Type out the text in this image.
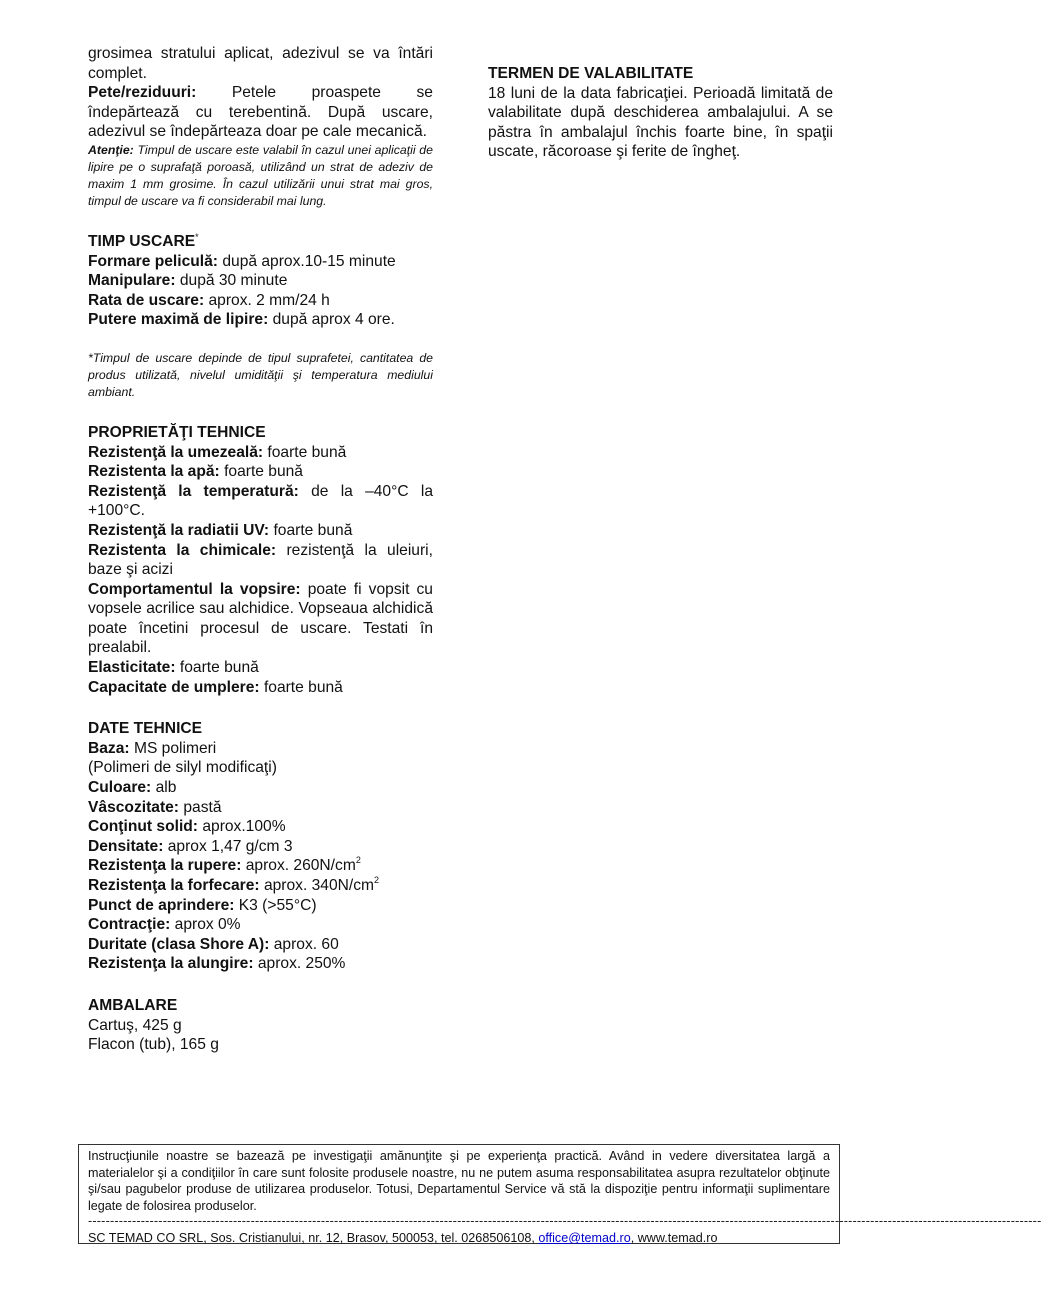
grosimea stratului aplicat, adezivul se va întări complet.

Pete/reziduuri: Petele proaspete se îndepărtează cu terebentină. După uscare, adezivul se îndepărteaza doar pe cale mecanică.

Atenţie: Timpul de uscare este valabil în cazul unei aplicaţii de lipire pe o suprafaţă poroasă, utilizând un strat de adeziv de maxim 1 mm grosime. În cazul utilizării unui strat mai gros, timpul de uscare va fi considerabil mai lung.

TIMP USCARE*

Formare peliculă: după aprox.10-15 minute

Manipulare: după 30 minute

Rata de uscare: aprox. 2 mm/24 h

Putere maximă de lipire: după aprox 4 ore.

*Timpul de uscare depinde de tipul suprafetei, cantitatea de produs utilizată, nivelul umidităţii şi temperatura mediului ambiant.

PROPRIETĂŢI TEHNICE

Rezistenţă la umezeală: foarte bună

Rezistenta la apă: foarte bună

Rezistenţă la temperatură: de la –40°C la +100°C.

Rezistenţă la radiatii UV: foarte bună

Rezistenta la chimicale: rezistenţă la uleiuri, baze şi acizi

Comportamentul la vopsire: poate fi vopsit cu vopsele acrilice sau alchidice. Vopseaua alchidică poate încetini procesul de uscare. Testati în prealabil.

Elasticitate: foarte bună

Capacitate de umplere: foarte bună

DATE TEHNICE

Baza: MS polimeri

(Polimeri de silyl modificaţi)

Culoare: alb

Vâscozitate: pastă

Conţinut solid: aprox.100%

Densitate: aprox 1,47 g/cm 3

Rezistenţa la rupere: aprox. $260N/cm^2$

Rezistenţa la forfecare: aprox. $340N/cm^2$

Punct de aprindere: K3 (>55°C)

Contracţie: aprox 0%

Duritate (clasa Shore A): aprox. 60

Rezistenţa la alungire: aprox. 250%

AMBALARE

Cartuş, 425 g

Flacon (tub), 165 g

TERMEN DE VALABILITATE

18 luni de la data fabricaţiei. Perioadă limitată de valabilitate după deschiderea ambalajului. A se păstra în ambalajul închis foarte bine, în spaţii uscate, răcoroase şi ferite de îngheţ.

Instrucţiunile noastre se bazează pe investigaţii amănunţite şi pe experienţa practică. Având in vedere diversitatea largă a materialelor şi a condiţiilor în care sunt folosite produsele noastre, nu ne putem asuma responsabilitatea asupra rezultatelor obţinute şi/sau pagubelor produse de utilizarea produselor. Totusi, Departamentul Service vă stă la dispoziţie pentru informaţii suplimentare legate de folosirea produselor.

-------------------------------------------------------------------------------------------------------------------------------------------------------------------------------------------------------------------------

SC TEMAD CO SRL, Sos. Cristianului, nr. 12, Brasov, 500053, tel. 0268506108, office@temad.ro, www.temad.ro
